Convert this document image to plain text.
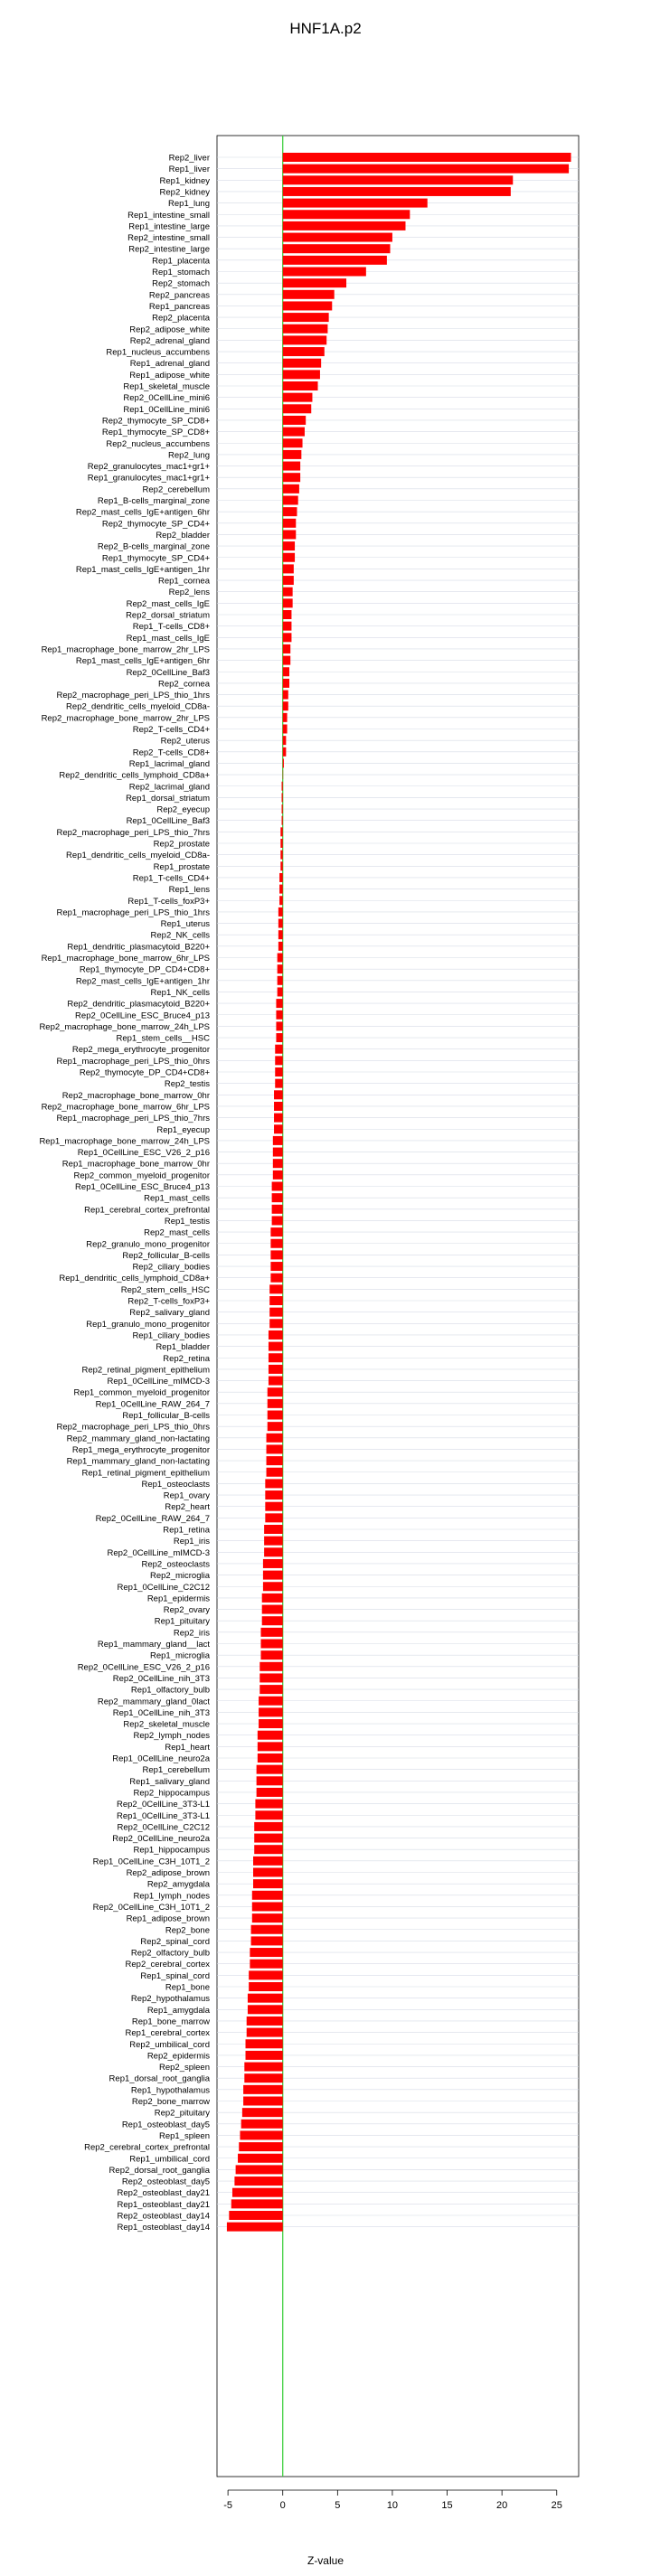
HNF1A.p2
Rep2_liver
Rep1_liver
Rep1_kidney
Rep2_kidney
Rep1_lung
Rep1_intestine_small
Rep1_intestine_large
Rep2_intestine_small
Rep2_intestine_large
Rep1_placenta
Rep1_stomach
Rep2_stomach
Rep2_pancreas
Rep1_pancreas
Rep2_placenta
Rep2_adipose_white
Rep2_adrenal_gland
Rep1_nucleus_accumbens
Rep1_adrenal_gland
Rep1_adipose_white
Rep1_skeletal_muscle
Rep2_0CellLine_mini6
Rep1_0CellLine_mini6
Rep2_thymocyte_SP_CD8+
Rep1_thymocyte_SP_CD8+
Rep2_nucleus_accumbens
Rep2_lung
Rep2_granulocytes_mac1+gr1+
Rep1_granulocytes_mac1+gr1+
Rep2_cerebellum
Rep1_B-cells_marginal_zone
Rep2_mast_cells_IgE+antigen_6hr
Rep2_thymocyte_SP_CD4+
Rep2_bladder
Rep2_B-cells_marginal_zone
Rep1_thymocyte_SP_CD4+
Rep1_mast_cells_IgE+antigen_1hr
Rep1_cornea
Rep2_lens
Rep2_mast_cells_IgE
Rep2_dorsal_striatum
Rep1_T-cells_CD8+
Rep1_mast_cells_IgE
Rep1_macrophage_bone_marrow_2hr_LPS
Rep1_mast_cells_IgE+antigen_6hr
Rep2_0CellLine_Baf3
Rep2_cornea
Rep2_macrophage_peri_LPS_thio_1hrs
Rep2_dendritic_cells_myeloid_CD8a-
Rep2_macrophage_bone_marrow_2hr_LPS
Rep2_T-cells_CD4+
Rep2_uterus
Rep2_T-cells_CD8+
Rep1_lacrimal_gland
Rep2_dendritic_cells_lymphoid_CD8a+
Rep2_lacrimal_gland
Rep1_dorsal_striatum
Rep2_eyecup
Rep1_0CellLine_Baf3
Rep2_macrophage_peri_LPS_thio_7hrs
Rep2_prostate
Rep1_dendritic_cells_myeloid_CD8a-
Rep1_prostate
Rep1_T-cells_CD4+
Rep1_lens
Rep1_T-cells_foxP3+
Rep1_macrophage_peri_LPS_thio_1hrs
Rep1_uterus
Rep2_NK_cells
Rep1_dendritic_plasmacytoid_B220+
Rep1_macrophage_bone_marrow_6hr_LPS
Rep1_thymocyte_DP_CD4+CD8+
Rep2_mast_cells_IgE+antigen_1hr
Rep1_NK_cells
Rep2_dendritic_plasmacytoid_B220+
Rep2_0CellLine_ESC_Bruce4_p13
Rep2_macrophage_bone_marrow_24h_LPS
Rep1_stem_cells__HSC
Rep2_mega_erythrocyte_progenitor
Rep1_macrophage_peri_LPS_thio_0hrs
Rep2_thymocyte_DP_CD4+CD8+
Rep2_testis
Rep2_macrophage_bone_marrow_0hr
Rep2_macrophage_bone_marrow_6hr_LPS
Rep1_macrophage_peri_LPS_thio_7hrs
Rep1_eyecup
Rep1_macrophage_bone_marrow_24h_LPS
Rep1_0CellLine_ESC_V26_2_p16
Rep1_macrophage_bone_marrow_0hr
Rep2_common_myeloid_progenitor
Rep1_0CellLine_ESC_Bruce4_p13
Rep1_mast_cells
Rep1_cerebral_cortex_prefrontal
Rep1_testis
Rep2_mast_cells
Rep2_granulo_mono_progenitor
Rep2_follicular_B-cells
Rep2_ciliary_bodies
Rep1_dendritic_cells_lymphoid_CD8a+
Rep2_stem_cells_HSC
Rep2_T-cells_foxP3+
Rep2_salivary_gland
Rep1_granulo_mono_progenitor
Rep1_ciliary_bodies
Rep1_bladder
Rep2_retina
Rep2_retinal_pigment_epithelium
Rep1_0CellLine_mIMCD-3
Rep1_common_myeloid_progenitor
Rep1_0CellLine_RAW_264_7
Rep1_follicular_B-cells
Rep2_macrophage_peri_LPS_thio_0hrs
Rep2_mammary_gland_non-lactating
Rep1_mega_erythrocyte_progenitor
Rep1_mammary_gland_non-lactating
Rep1_retinal_pigment_epithelium
Rep1_osteoclasts
Rep1_ovary
Rep2_heart
Rep2_0CellLine_RAW_264_7
Rep1_retina
Rep1_iris
Rep2_0CellLine_mIMCD-3
Rep2_osteoclasts
Rep2_microglia
Rep1_0CellLine_C2C12
Rep1_epidermis
Rep2_ovary
Rep1_pituitary
Rep2_iris
Rep1_mammary_gland__lact
Rep1_microglia
Rep2_0CellLine_ESC_V26_2_p16
Rep2_0CellLine_nih_3T3
Rep1_olfactory_bulb
Rep2_mammary_gland_0lact
Rep1_0CellLine_nih_3T3
Rep2_skeletal_muscle
Rep2_lymph_nodes
Rep1_heart
Rep1_0CellLine_neuro2a
Rep1_cerebellum
Rep1_salivary_gland
Rep2_hippocampus
Rep2_0CellLine_3T3-L1
Rep1_0CellLine_3T3-L1
Rep2_0CellLine_C2C12
Rep2_0CellLine_neuro2a
Rep1_hippocampus
Rep1_0CellLine_C3H_10T1_2
Rep2_adipose_brown
Rep2_amygdala
Rep1_lymph_nodes
Rep2_0CellLine_C3H_10T1_2
Rep1_adipose_brown
Rep2_bone
Rep2_spinal_cord
Rep2_olfactory_bulb
Rep2_cerebral_cortex
Rep1_spinal_cord
Rep1_bone
Rep2_hypothalamus
Rep1_amygdala
Rep1_bone_marrow
Rep1_cerebral_cortex
Rep2_umbilical_cord
Rep2_epidermis
Rep2_spleen
Rep1_dorsal_root_ganglia
Rep1_hypothalamus
Rep2_bone_marrow
Rep2_pituitary
Rep1_osteoblast_day5
Rep1_spleen
Rep2_cerebral_cortex_prefrontal
Rep1_umbilical_cord
Rep2_dorsal_root_ganglia
Rep2_osteoblast_day5
Rep2_osteoblast_day21
Rep1_osteoblast_day21
Rep2_osteoblast_day14
Rep1_osteoblast_day14
-5	0	5	10	15	20	25
Z-value
